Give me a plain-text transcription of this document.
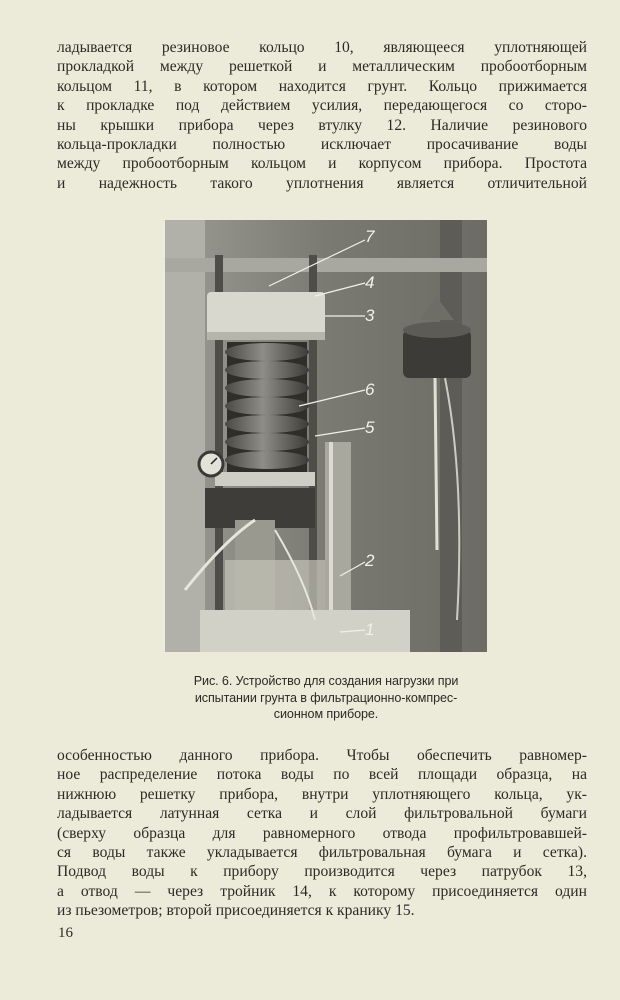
ладывается резиновое кольцо 10, являющееся уплотняющей
прокладкой между решеткой и металлическим пробоотборным
кольцом 11, в котором находится грунт. Кольцо прижимается
к прокладке под действием усилия, передающегося со сторо-
ны крышки прибора через втулку 12. Наличие резинового
кольца-прокладки полностью исключает просачивание воды
между пробоотборным кольцом и корпусом прибора. Простота
и надежность такого уплотнения является отличительной
7
4
3
6
5
2
1
Рис. 6. Устройство для создания нагрузки при
испытании грунта в фильтрационно-компрес-
сионном приборе.
особенностью данного прибора. Чтобы обеспечить равномер-
ное распределение потока воды по всей площади образца, на
нижнюю решетку прибора, внутри уплотняющего кольца, ук-
ладывается латунная сетка и слой фильтровальной бумаги
(сверху образца для равномерного отвода профильтровавшей-
ся воды также укладывается фильтровальная бумага и сетка).
Подвод воды к прибору производится через патрубок 13,
а отвод — через тройник 14, к которому присоединяется один
из пьезометров; второй присоединяется к кранику 15.
16
